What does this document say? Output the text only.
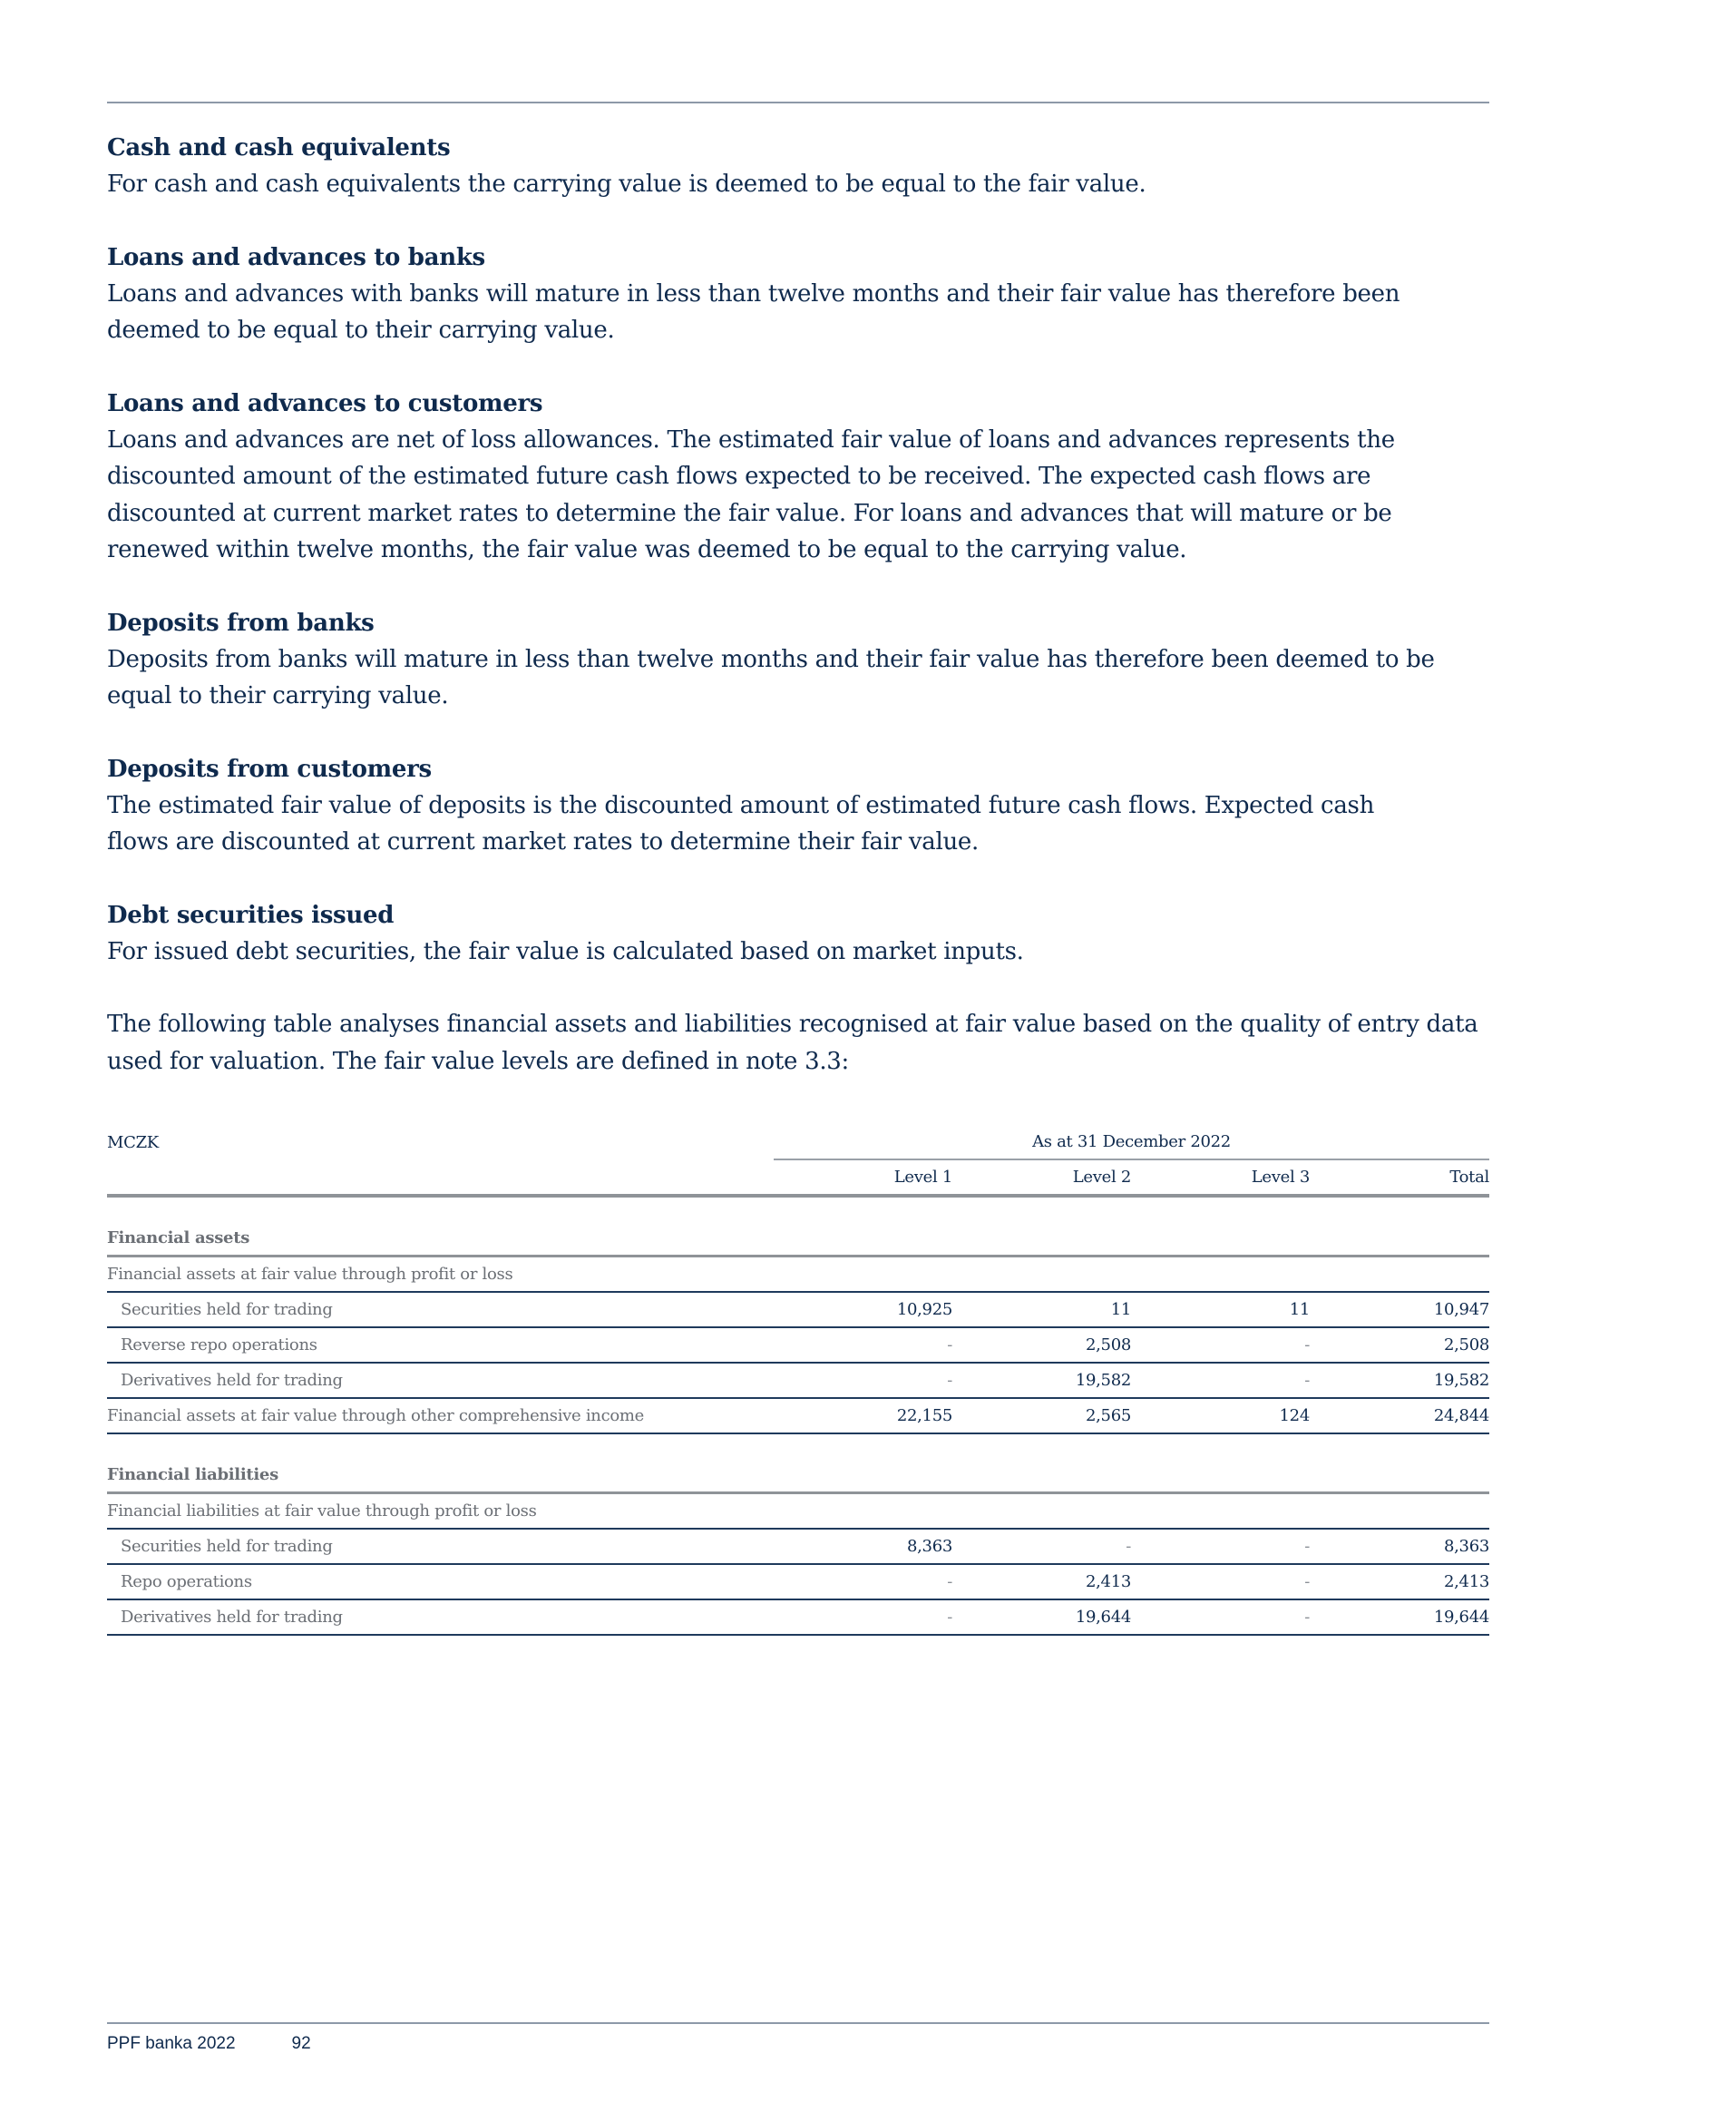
Cash and cash equivalents

For cash and cash equivalents the carrying value is deemed to be equal to the fair value.

Loans and advances to banks

Loans and advances with banks will mature in less than twelve months and their fair value has therefore been deemed to be equal to their carrying value.

Loans and advances to customers

Loans and advances are net of loss allowances. The estimated fair value of loans and advances represents the discounted amount of the estimated future cash flows expected to be received. The expected cash flows are discounted at current market rates to determine the fair value. For loans and advances that will mature or be renewed within twelve months, the fair value was deemed to be equal to the carrying value.

Deposits from banks

Deposits from banks will mature in less than twelve months and their fair value has therefore been deemed to be equal to their carrying value.

Deposits from customers

The estimated fair value of deposits is the discounted amount of estimated future cash flows. Expected cash flows are discounted at current market rates to determine their fair value.

Debt securities issued

For issued debt securities, the fair value is calculated based on market inputs.

The following table analyses financial assets and liabilities recognised at fair value based on the quality of entry data used for valuation. The fair value levels are defined in note 3.3:

MCZK	As at 31 December 2022			
	Level 1	Level 2	Level 3	Total

Financial assets				
Financial assets at fair value through profit or loss				
Securities held for trading	10,925	11	11	10,947
Reverse repo operations	-	2,508	-	2,508
Derivatives held for trading	-	19,582	-	19,582
Financial assets at fair value through other comprehensive income	22,155	2,565	124	24,844

Financial liabilities				
Financial liabilities at fair value through profit or loss				
Securities held for trading	8,363	-	-	8,363
Repo operations	-	2,413	-	2,413
Derivatives held for trading	-	19,644	-	19,644
PPF banka 2022	92
